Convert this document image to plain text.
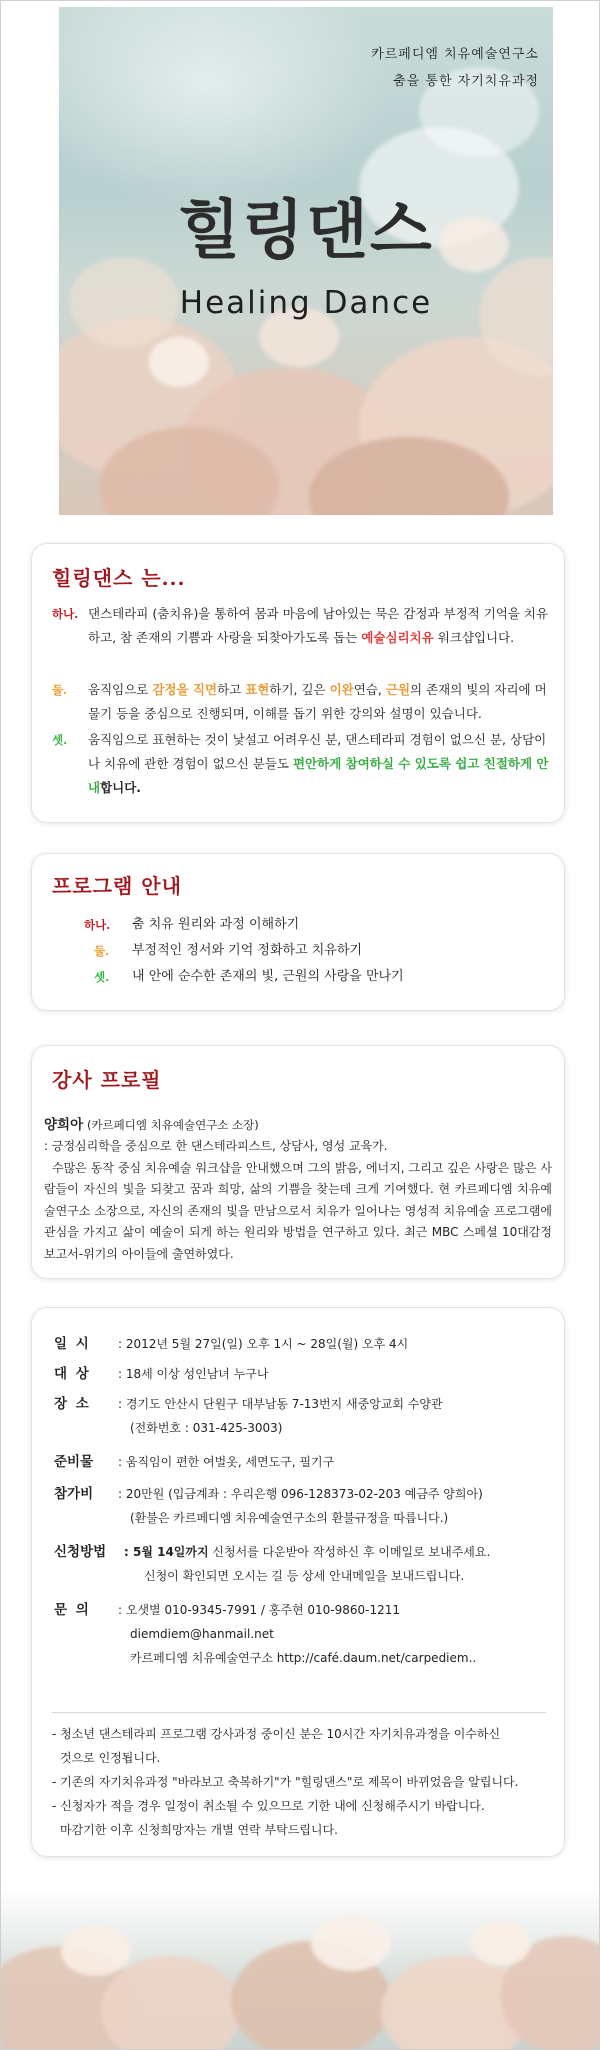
카르페디엠 치유예술연구소
춤을 통한 자기치유과정
힐링댄스
Healing Dance
힐링댄스 는...
하나. 댄스테라피 (춤치유)을 통하여 몸과 마음에 남아있는 묵은 감정과 부정적 기억을 치유하고, 참 존재의 기쁨과 사랑을 되찾아가도록 돕는 예술심리치유 워크샵입니다.
둘. 움직임으로 감정을 직면하고 표현하기, 깊은 이완연습, 근원의 존재의 빛의 자리에 머물기 등을 중심으로 진행되며, 이해를 돕기 위한 강의와 설명이 있습니다.
셋. 움직임으로 표현하는 것이 낯설고 어려우신 분, 댄스테라피 경험이 없으신 분, 상담이나 치유에 관한 경험이 없으신 분들도 편안하게 참여하실 수 있도록 쉽고 친절하게 안내합니다.
프로그램 안내
하나. 춤 치유 원리와 과정 이해하기
둘. 부정적인 정서와 기억 정화하고 치유하기
셋. 내 안에 순수한 존재의 빛, 근원의 사랑을 만나기
강사 프로필
양희아 (카르페디엠 치유예술연구소 소장)
: 긍정심리학을 중심으로 한 댄스테라피스트, 상담사, 영성 교육가.
수많은 동작 중심 치유예술 워크샵을 안내했으며 그의 밝음, 에너지, 그리고 깊은 사랑은 많은 사람들이 자신의 빛을 되찾고 꿈과 희망, 삶의 기쁨을 찾는데 크게 기여했다. 현 카르페디엠 치유예술연구소 소장으로, 자신의 존재의 빛을 만남으로서 치유가 일어나는 영성적 치유예술 프로그램에 관심을 가지고 삶이 예술이 되게 하는 원리와 방법을 연구하고 있다. 최근 MBC 스페셜 10대감정보고서-위기의 아이들에 출연하였다.
일 시 : 2012년 5월 27일(일) 오후 1시 ~ 28일(월) 오후 4시
대 상 : 18세 이상 성인남녀 누구나
장 소 : 경기도 안산시 단원구 대부남동 7-13번지 새중앙교회 수양관
(전화번호 : 031-425-3003)
준비물 : 움직임이 편한 여벌옷, 세면도구, 필기구
참가비 : 20만원 (입금계좌 : 우리은행 096-128373-02-203 예금주 양희아)
(환불은 카르페디엠 치유예술연구소의 환불규정을 따릅니다.)
신청방법 : 5월 14일까지 신청서를 다운받아 작성하신 후 이메일로 보내주세요.
신청이 확인되면 오시는 길 등 상세 안내메일을 보내드립니다.
문 의 : 오샛별 010-9345-7991 / 홍주현 010-9860-1211
diemdiem@hanmail.net
카르페디엠 치유예술연구소 http://café.daum.net/carpediem..
- 청소년 댄스테라피 프로그램 강사과정 중이신 분은 10시간 자기치유과정을 이수하신
것으로 인정됩니다.
- 기존의 자기치유과정 "바라보고 축복하기"가 "힐링댄스"로 제목이 바뀌었음을 알립니다.
- 신청자가 적을 경우 일정이 취소될 수 있으므로 기한 내에 신청해주시기 바랍니다.
마감기한 이후 신청희망자는 개별 연락 부탁드립니다.
